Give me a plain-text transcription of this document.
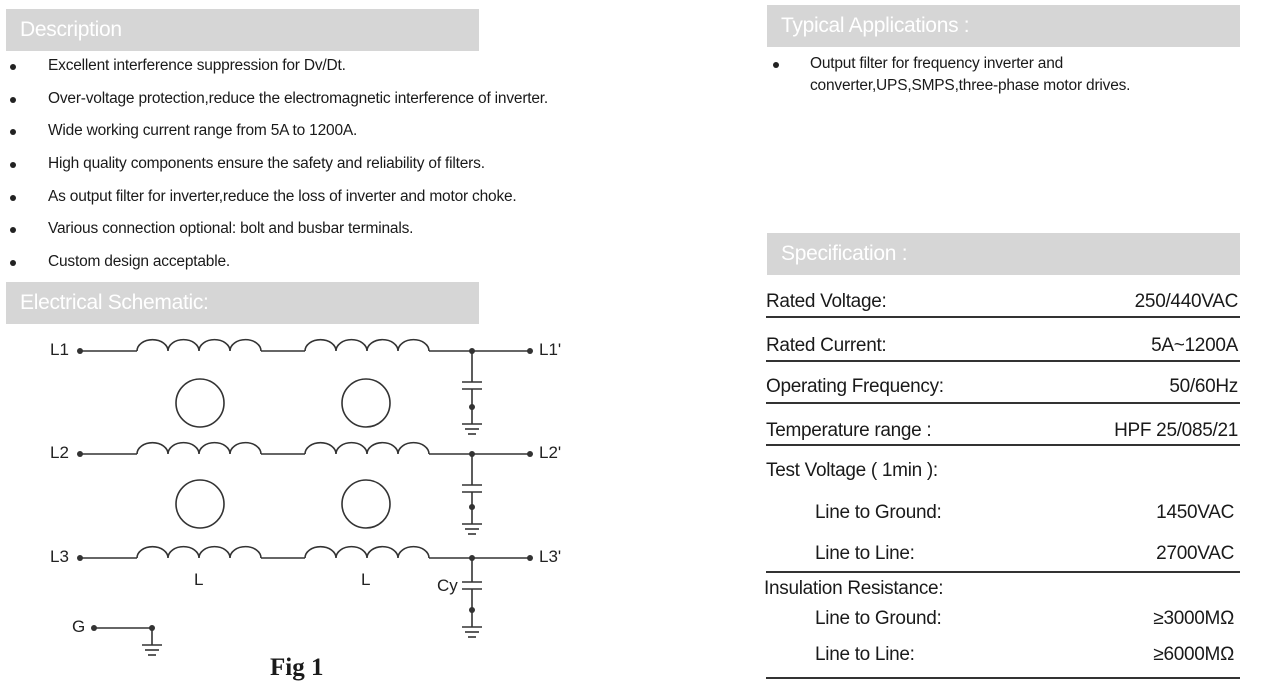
Description
Excellent interference suppression for Dv/Dt.
Over-voltage protection,reduce the electromagnetic interference of inverter.
Wide working current range from 5A to 1200A.
High quality components ensure the safety and reliability of filters.
As output filter for inverter,reduce the loss of inverter and motor choke.
Various connection optional: bolt and busbar terminals.
Custom design acceptable.
Electrical Schematic:
L1
L2
L3
L1'
L2'
L3'
L	L	Cy
G
Fig 1
Typical Applications :
Output filter for frequency inverter and
converter,UPS,SMPS,three-phase motor drives.
Specification :
Rated Voltage:	250/440VAC
Rated Current:	5A~1200A
Operating Frequency:	50/60Hz
Temperature range :	HPF 25/085/21
Test Voltage ( 1min ):
Line to Ground:	1450VAC
Line to Line:	2700VAC
Insulation Resistance:
Line to Ground:	≥3000MΩ
Line to Line:	≥6000MΩ
